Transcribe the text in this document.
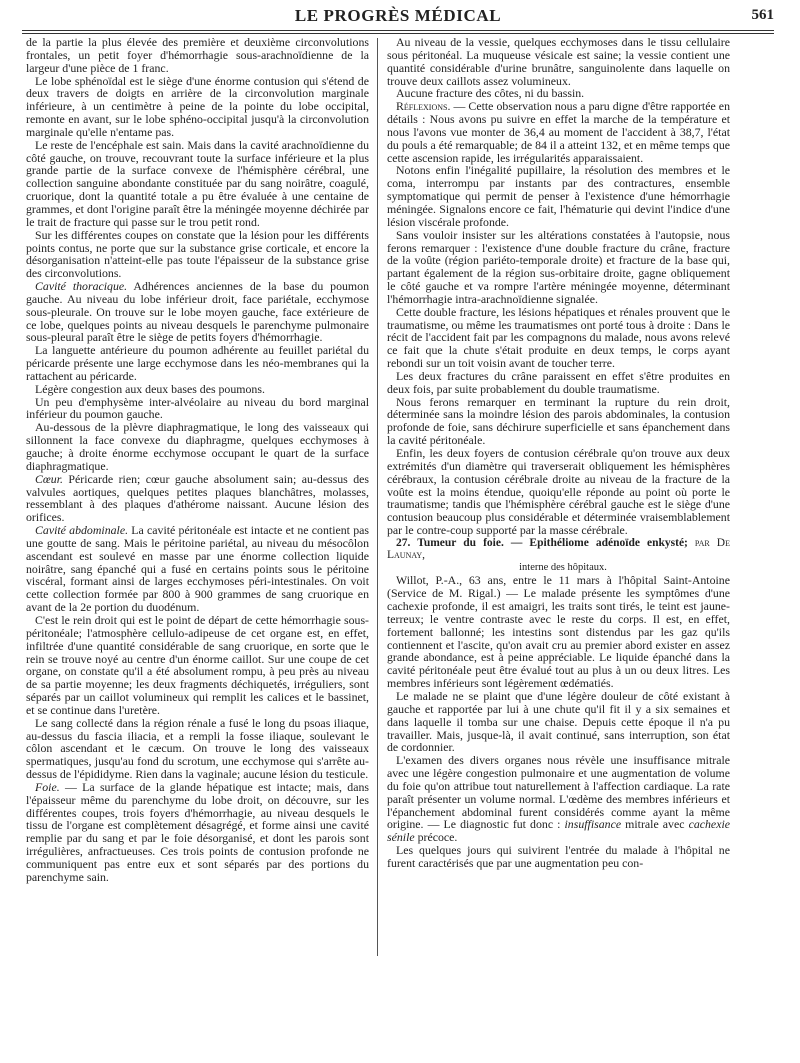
LE PROGRÈS MÉDICAL	561

de la partie la plus élevée des première et deuxième circonvolutions frontales, un petit foyer d'hémorrhagie sous-arachnoïdienne de la largeur d'une pièce de 1 franc.

Le lobe sphénoïdal est le siège d'une énorme contusion qui s'étend de deux travers de doigts en arrière de la circonvolution marginale inférieure, à un centimètre à peine de la pointe du lobe occipital, remonte en avant, sur le lobe sphéno-occipital jusqu'à la circonvolution marginale qu'elle n'entame pas.

Le reste de l'encéphale est sain. Mais dans la cavité arachnoïdienne du côté gauche, on trouve, recouvrant toute la surface inférieure et la plus grande partie de la surface convexe de l'hémisphère cérébral, une collection sanguine abondante constituée par du sang noirâtre, coagulé, cruorique, dont la quantité totale a pu être évaluée à une centaine de grammes, et dont l'origine paraît être la méningée moyenne déchirée par le trait de fracture qui passe sur le trou petit rond.

Sur les différentes coupes on constate que la lésion pour les différents points contus, ne porte que sur la substance grise corticale, et encore la désorganisation n'atteint-elle pas toute l'épaisseur de la substance grise des circonvolutions.

Cavité thoracique. Adhérences anciennes de la base du poumon gauche. Au niveau du lobe inférieur droit, face pariétale, ecchymose sous-pleurale. On trouve sur le lobe moyen gauche, face extérieure de ce lobe, quelques points au niveau desquels le parenchyme pulmonaire sous-pleural paraît être le siège de petits foyers d'hémorrhagie.

La languette antérieure du poumon adhérente au feuillet pariétal du péricarde présente une large ecchymose dans les néo-membranes qui la rattachent au péricarde.

Légère congestion aux deux bases des poumons.

Un peu d'emphysème inter-alvéolaire au niveau du bord marginal inférieur du poumon gauche.

Au-dessous de la plèvre diaphragmatique, le long des vaisseaux qui sillonnent la face convexe du diaphragme, quelques ecchymoses à gauche; à droite énorme ecchymose occupant le quart de la surface diaphragmatique.

Cœur. Péricarde rien; cœur gauche absolument sain; au-dessus des valvules aortiques, quelques petites plaques blanchâtres, molasses, ressemblant à des plaques d'athérome naissant. Aucune lésion des orifices.

Cavité abdominale. La cavité péritonéale est intacte et ne contient pas une goutte de sang. Mais le péritoine pariétal, au niveau du mésocôlon ascendant est soulevé en masse par une énorme collection liquide noirâtre, sang épanché qui a fusé en certains points sous le péritoine viscéral, formant ainsi de larges ecchymoses péri-intestinales. On voit cette collection formée par 800 à 900 grammes de sang cruorique en avant de la 2e portion du duodénum.

C'est le rein droit qui est le point de départ de cette hémorrhagie sous-péritonéale; l'atmosphère cellulo-adipeuse de cet organe est, en effet, infiltrée d'une quantité considérable de sang cruorique, en sorte que le rein se trouve noyé au centre d'un énorme caillot. Sur une coupe de cet organe, on constate qu'il a été absolument rompu, à peu près au niveau de sa partie moyenne; les deux fragments déchiquetés, irréguliers, sont séparés par un caillot volumineux qui remplit les calices et le bassinet, et se continue dans l'uretère.

Le sang collecté dans la région rénale a fusé le long du psoas iliaque, au-dessus du fascia iliacia, et a rempli la fosse iliaque, soulevant le côlon ascendant et le cæcum. On trouve le long des vaisseaux spermatiques, jusqu'au fond du scrotum, une ecchymose qui s'arrête au-dessus de l'épididyme. Rien dans la vaginale; aucune lésion du testicule.

Foie. — La surface de la glande hépatique est intacte; mais, dans l'épaisseur même du parenchyme du lobe droit, on découvre, sur les différentes coupes, trois foyers d'hémorrhagie, au niveau desquels le tissu de l'organe est complètement désagrégé, et forme ainsi une cavité remplie par du sang et par le foie désorganisé, et dont les parois sont irrégulières, anfractueuses. Ces trois points de contusion profonde ne communiquent pas entre eux et sont séparés par des portions du parenchyme sain.

Au niveau de la vessie, quelques ecchymoses dans le tissu cellulaire sous péritonéal. La muqueuse vésicale est saine; la vessie contient une quantité considérable d'urine brunâtre, sanguinolente dans laquelle on trouve deux caillots assez volumineux.

Aucune fracture des côtes, ni du bassin.

Réflexions. — Cette observation nous a paru digne d'être rapportée en détails : Nous avons pu suivre en effet la marche de la température et nous l'avons vue monter de 36,4 au moment de l'accident à 38,7, l'état du pouls a été remarquable; de 84 il a atteint 132, et en même temps que cette ascension rapide, les irrégularités apparaissaient.

Notons enfin l'inégalité pupillaire, la résolution des membres et le coma, interrompu par instants par des contractures, ensemble symptomatique qui permit de penser à l'existence d'une hémorrhagie méningée. Signalons encore ce fait, l'hématurie qui devint l'indice d'une lésion viscérale profonde.

Sans vouloir insister sur les altérations constatées à l'autopsie, nous ferons remarquer : l'existence d'une double fracture du crâne, fracture de la voûte (région pariéto-temporale droite) et fracture de la base qui, partant également de la région sus-orbitaire droite, gagne obliquement le côté gauche et va rompre l'artère méningée moyenne, déterminant l'hémorrhagie intra-arachnoïdienne signalée.

Cette double fracture, les lésions hépatiques et rénales prouvent que le traumatisme, ou même les traumatismes ont porté tous à droite : Dans le récit de l'accident fait par les compagnons du malade, nous avons relevé ce fait que la chute s'était produite en deux temps, le corps ayant rebondi sur un toit voisin avant de toucher terre.

Les deux fractures du crâne paraissent en effet s'être produites en deux fois, par suite probablement du double traumatisme.

Nous ferons remarquer en terminant la rupture du rein droit, déterminée sans la moindre lésion des parois abdominales, la contusion profonde de foie, sans déchirure superficielle et sans épanchement dans la cavité péritonéale.

Enfin, les deux foyers de contusion cérébrale qu'on trouve aux deux extrémités d'un diamètre qui traverserait obliquement les hémisphères cérébraux, la contusion cérébrale droite au niveau de la fracture de la voûte est la moins étendue, quoiqu'elle réponde au point où porte le traumatisme; tandis que l'hémisphère cérébral gauche est le siège d'une contusion beaucoup plus considérable et déterminée vraisemblablement par le contre-coup supporté par la masse cérébrale.

27. Tumeur du foie. — Epithéliome adénoïde enkysté; par De Launay,
interne des hôpitaux.

Willot, P.-A., 63 ans, entre le 11 mars à l'hôpital Saint-Antoine (Service de M. Rigal.) — Le malade présente les symptômes d'une cachexie profonde, il est amaigri, les traits sont tirés, le teint est jaune-terreux; le ventre contraste avec le reste du corps. Il est, en effet, fortement ballonné; les intestins sont distendus par les gaz qu'ils contiennent et l'ascite, qu'on avait cru au premier abord exister en assez grande abondance, est à peine appréciable. Le liquide épanché dans la cavité péritonéale peut être évalué tout au plus à un ou deux litres. Les membres inférieurs sont légèrement œdématiés.

Le malade ne se plaint que d'une légère douleur de côté existant à gauche et rapportée par lui à une chute qu'il fit il y a six semaines et dans laquelle il tomba sur une chaise. Depuis cette époque il n'a pu travailler. Mais, jusque-là, il avait continué, sans interruption, son état de cordonnier.

L'examen des divers organes nous révèle une insuffisance mitrale avec une légère congestion pulmonaire et une augmentation de volume du foie qu'on attribue tout naturellement à l'affection cardiaque. La rate paraît présenter un volume normal. L'œdème des membres inférieurs et l'épanchement abdominal furent considérés comme ayant la même origine. — Le diagnostic fut donc : insuffisance mitrale avec cachexie sénile précoce.

Les quelques jours qui suivirent l'entrée du malade à l'hôpital ne furent caractérisés que par une augmentation peu con-
